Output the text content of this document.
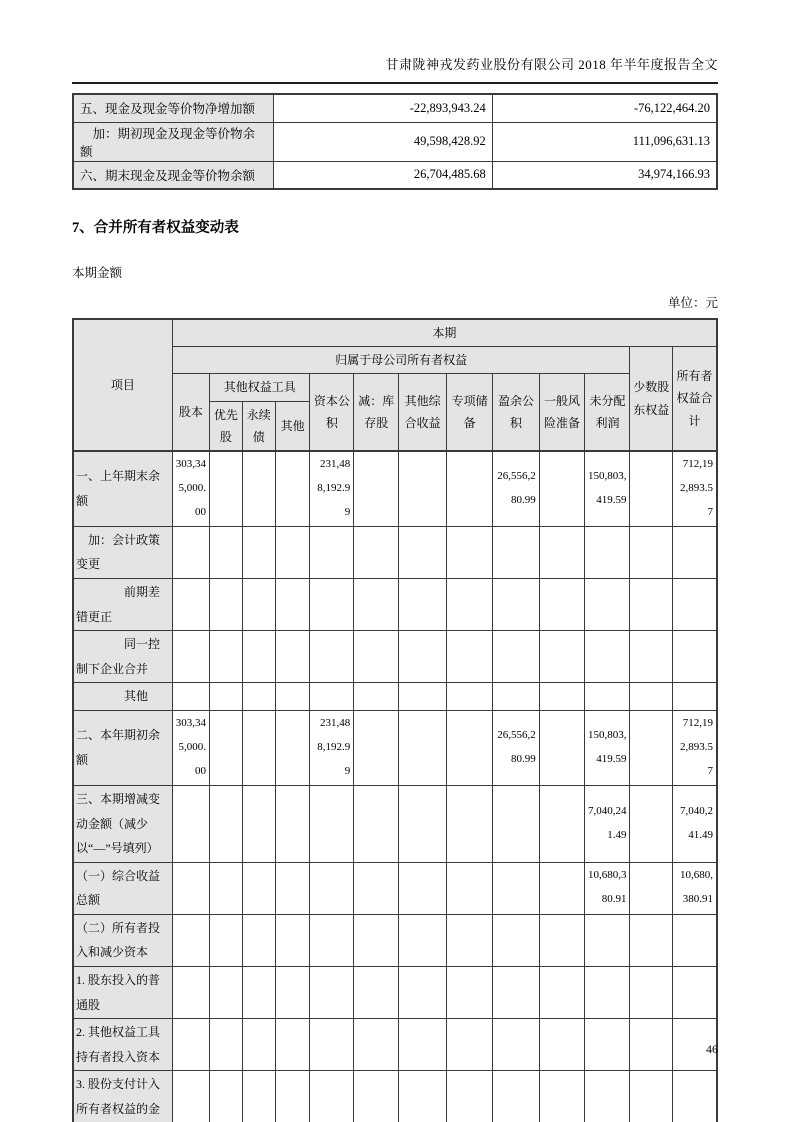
甘肃陇神戎发药业股份有限公司 2018 年半年度报告全文
五、现金及现金等价物净增加额	-22,893,943.24	-76,122,464.20
　加：期初现金及现金等价物余额	49,598,428.92	111,096,631.13
六、期末现金及现金等价物余额	26,704,485.68	34,974,166.93
7、合并所有者权益变动表
本期金额
单位：元
项目	本期												
	归属于母公司所有者权益											少数股东权益	所有者权益合计
	股本	其他权益工具			资本公积	减：库存股	其他综合收益	专项储备	盈余公积	一般风险准备	未分配利润		
		优先股	永续债	其他									
一、上年期末余额	303,345,000.00				231,488,192.99				26,556,280.99		150,803,419.59		712,192,893.57
　加：会计政策变更													
　　　　前期差错更正													
　　　　同一控制下企业合并													
　　　　其他													
二、本年期初余额	303,345,000.00				231,488,192.99				26,556,280.99		150,803,419.59		712,192,893.57
三、本期增减变动金额（减少以“—”号填列）											7,040,241.49		7,040,241.49
（一）综合收益总额											10,680,380.91		10,680,380.91
（二）所有者投入和减少资本													
1. 股东投入的普通股													
2. 其他权益工具持有者投入资本													
3. 股份支付计入所有者权益的金													
46
